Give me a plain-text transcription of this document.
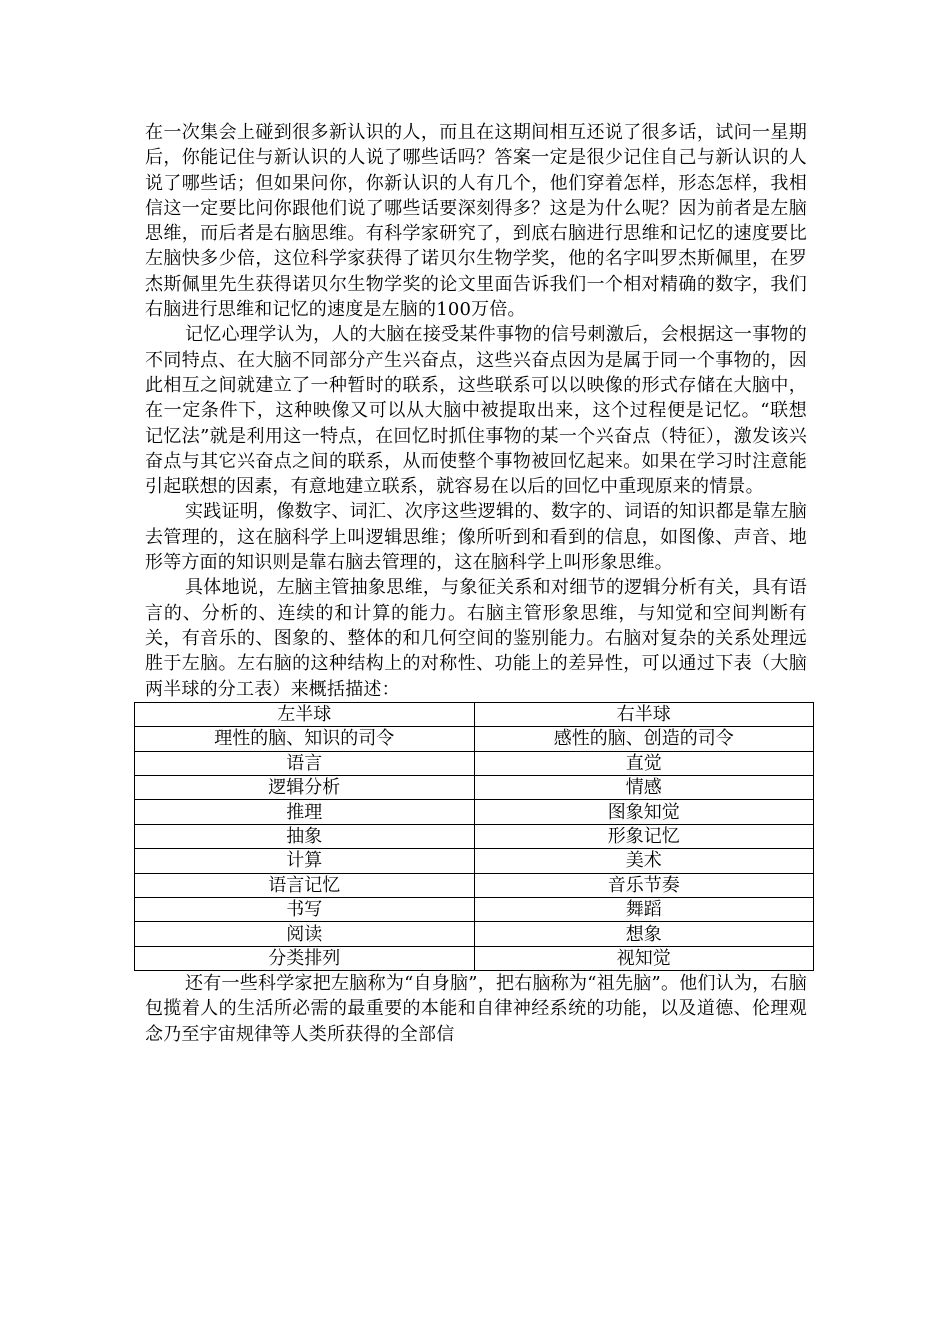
在一次集会上碰到很多新认识的人，而且在这期间相互还说了很多话，试问一星期后，你能记住与新认识的人说了哪些话吗？答案一定是很少记住自己与新认识的人说了哪些话；但如果问你，你新认识的人有几个，他们穿着怎样，形态怎样，我相信这一定要比问你跟他们说了哪些话要深刻得多？这是为什么呢？因为前者是左脑思维，而后者是右脑思维。有科学家研究了，到底右脑进行思维和记忆的速度要比左脑快多少倍，这位科学家获得了诺贝尔生物学奖，他的名字叫罗杰斯佩里，在罗杰斯佩里先生获得诺贝尔生物学奖的论文里面告诉我们一个相对精确的数字，我们右脑进行思维和记忆的速度是左脑的100万倍。

记忆心理学认为，人的大脑在接受某件事物的信号刺激后，会根据这一事物的不同特点、在大脑不同部分产生兴奋点，这些兴奋点因为是属于同一个事物的，因此相互之间就建立了一种暂时的联系，这些联系可以以映像的形式存储在大脑中，在一定条件下，这种映像又可以从大脑中被提取出来，这个过程便是记忆。“联想记忆法”就是利用这一特点，在回忆时抓住事物的某一个兴奋点（特征），激发该兴奋点与其它兴奋点之间的联系，从而使整个事物被回忆起来。如果在学习时注意能引起联想的因素，有意地建立联系，就容易在以后的回忆中重现原来的情景。

实践证明，像数字、词汇、次序这些逻辑的、数字的、词语的知识都是靠左脑去管理的，这在脑科学上叫逻辑思维；像所听到和看到的信息，如图像、声音、地形等方面的知识则是靠右脑去管理的，这在脑科学上叫形象思维。

具体地说，左脑主管抽象思维，与象征关系和对细节的逻辑分析有关，具有语言的、分析的、连续的和计算的能力。右脑主管形象思维，与知觉和空间判断有关，有音乐的、图象的、整体的和几何空间的鉴别能力。右脑对复杂的关系处理远胜于左脑。左右脑的这种结构上的对称性、功能上的差异性，可以通过下表（大脑两半球的分工表）来概括描述：

左半球	右半球
理性的脑、知识的司令	感性的脑、创造的司令
语言	直觉
逻辑分析	情感
推理	图象知觉
抽象	形象记忆
计算	美术
语言记忆	音乐节奏
书写	舞蹈
阅读	想象
分类排列	视知觉

还有一些科学家把左脑称为“自身脑”，把右脑称为“祖先脑”。他们认为，右脑包揽着人的生活所必需的最重要的本能和自律神经系统的功能，以及道德、伦理观念乃至宇宙规律等人类所获得的全部信
